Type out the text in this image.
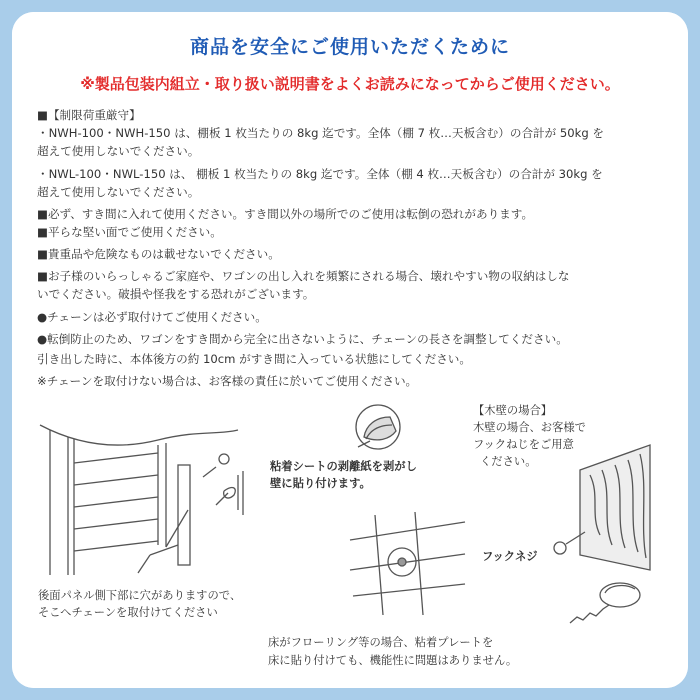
商品を安全にご使用いただくために
※製品包装内組立・取り扱い説明書をよくお読みになってからご使用ください。
■【制限荷重厳守】
・NWH-100・NWH-150 は、棚板 1 枚当たりの 8kg 迄です。全体（棚 7 枚…天板含む）の合計が 50kg を
超えて使用しないでください。
・NWL-100・NWL-150 は、 棚板 1 枚当たりの 8kg 迄です。全体（棚 4 枚…天板含む）の合計が 30kg を
超えて使用しないでください。
■必ず、すき間に入れて使用ください。すき間以外の場所でのご使用は転倒の恐れがあります。
■平らな堅い面でご使用ください。
■貴重品や危険なものは載せないでください。
■お子様のいらっしゃるご家庭や、ワゴンの出し入れを頻繁にされる場合、壊れやすい物の収納はしな
いでください。破損や怪我をする恐れがございます。
●チェーンは必ず取付けてご使用ください。
●転倒防止のため、ワゴンをすき間から完全に出さないように、チェーンの長さを調整してください。
引き出した時に、本体後方の約 10cm がすき間に入っている状態にしてください。
※チェーンを取付けない場合は、お客様の責任に於いてご使用ください。
粘着シートの剥離紙を剥がし
壁に貼り付けます。
【木壁の場合】
木壁の場合、お客様で
フックねじをご用意
ください。
フックネジ
後面パネル側下部に穴がありますので、
そこへチェーンを取付けてください
床がフローリング等の場合、粘着プレートを
床に貼り付けても、機能性に問題はありません。
